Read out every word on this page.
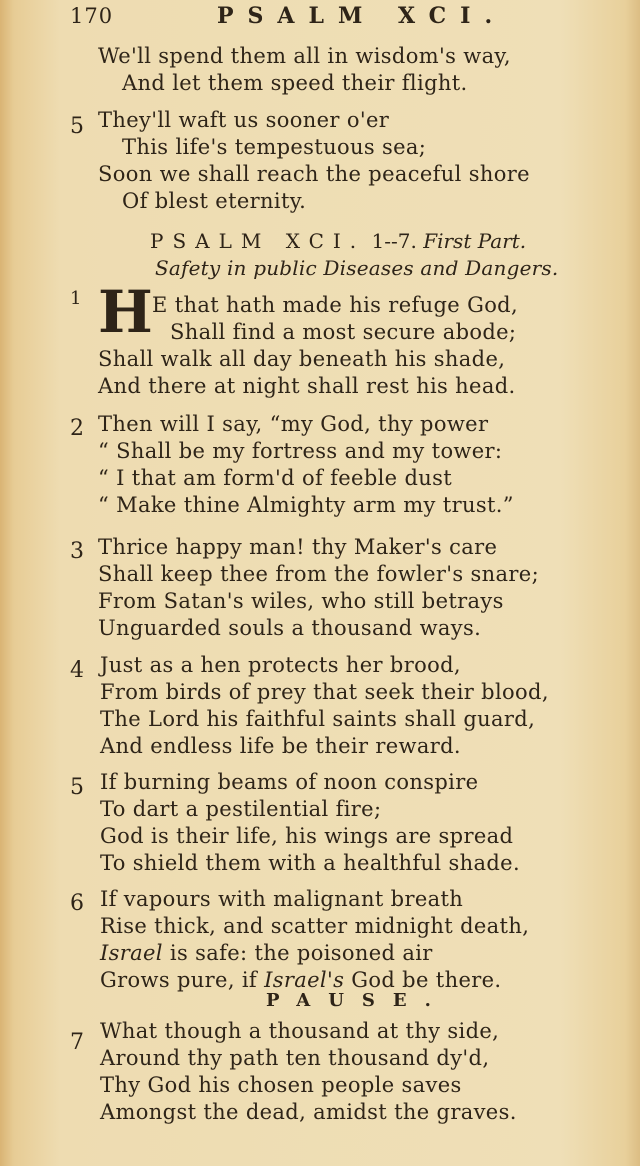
170	PSALM XCI.
We'll spend them all in wisdom's way,
And let them speed their flight.
5 They'll waft us sooner o'er
This life's tempestuous sea;
Soon we shall reach the peaceful shore
Of blest eternity.
PSALM XCI. 1--7. First Part.
Safety in public Diseases and Dangers.
1 H E that hath made his refuge God,
Shall find a most secure abode;
Shall walk all day beneath his shade,
And there at night shall rest his head.
2 Then will I say, “my God, thy power
“ Shall be my fortress and my tower:
“ I that am form'd of feeble dust
“ Make thine Almighty arm my trust.”
3 Thrice happy man! thy Maker's care
Shall keep thee from the fowler's snare;
From Satan's wiles, who still betrays
Unguarded souls a thousand ways.
4 Just as a hen protects her brood,
From birds of prey that seek their blood,
The Lord his faithful saints shall guard,
And endless life be their reward.
5 If burning beams of noon conspire
To dart a pestilential fire;
God is their life, his wings are spread
To shield them with a healthful shade.
6 If vapours with malignant breath
Rise thick, and scatter midnight death,
Israel is safe: the poisoned air
Grows pure, if Israel's God be there.
PAUSE.
7 What though a thousand at thy side,
Around thy path ten thousand dy'd,
Thy God his chosen people saves
Amongst the dead, amidst the graves.
